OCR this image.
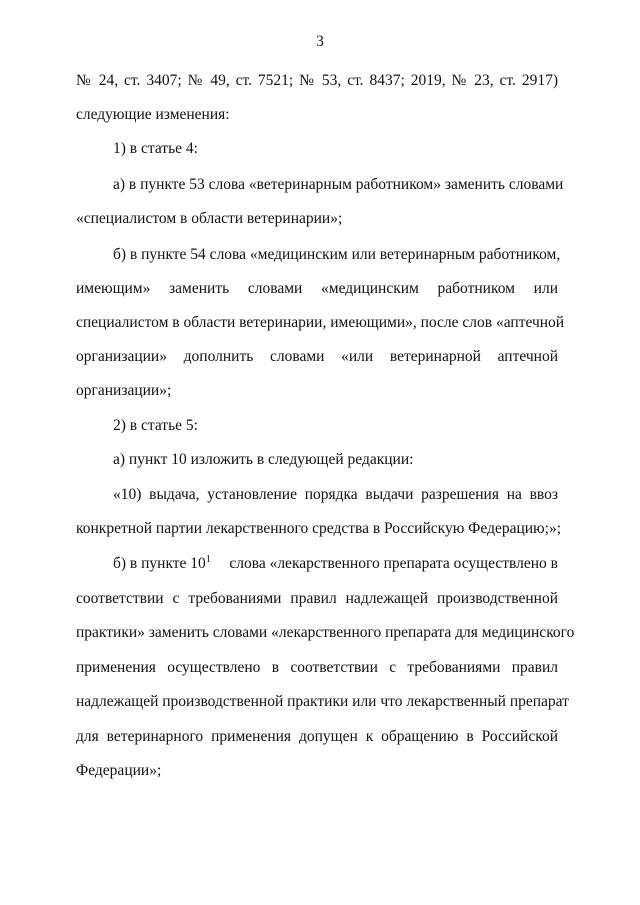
3
№ 24, ст. 3407; № 49, ст. 7521; № 53, ст. 8437; 2019, № 23, ст. 2917)
следующие изменения:
1) в статье 4:
а) в пункте 53 слова «ветеринарным работником» заменить словами
«специалистом в области ветеринарии»;
б) в пункте 54 слова «медицинским или ветеринарным работником,
имеющим» заменить словами «медицинским работником или
специалистом в области ветеринарии, имеющими», после слов «аптечной
организации» дополнить словами «или ветеринарной аптечной
организации»;
2) в статье 5:
а) пункт 10 изложить в следующей редакции:
«10) выдача, установление порядка выдачи разрешения на ввоз
конкретной партии лекарственного средства в Российскую Федерацию;»;
б) в пункте $10^1$ слова «лекарственного препарата осуществлено в
соответствии с требованиями правил надлежащей производственной
практики» заменить словами «лекарственного препарата для медицинского
применения осуществлено в соответствии с требованиями правил
надлежащей производственной практики или что лекарственный препарат
для ветеринарного применения допущен к обращению в Российской
Федерации»;
